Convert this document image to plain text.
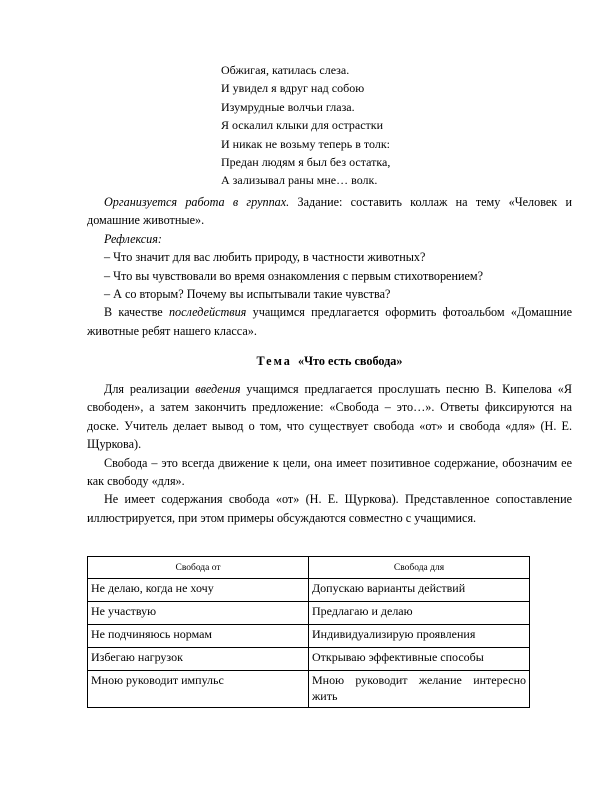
Обжигая, катилась слеза.
И увидел я вдруг над собою
Изумрудные волчьи глаза.
Я оскалил клыки для острастки
И никак не возьму теперь в толк:
Предан людям я был без остатка,
А зализывал раны мне… волк.

Организуется работа в группах. Задание: составить коллаж на тему «Человек и домашние животные».

Рефлексия:

– Что значит для вас любить природу, в частности животных?

– Что вы чувствовали во время ознакомления с первым стихотворением?

– А со вторым? Почему вы испытывали такие чувства?

В качестве последействия учащимся предлагается оформить фотоальбом «Домашние животные ребят нашего класса».

Тема «Что есть свобода»

Для реализации введения учащимся предлагается прослушать песню В. Кипелова «Я свободен», а затем закончить предложение: «Свобода – это…». Ответы фиксируются на доске. Учитель делает вывод о том, что существует свобода «от» и свобода «для» (Н. Е. Щуркова).

Свобода – это всегда движение к цели, она имеет позитивное содержание, обозначим ее как свободу «для».

Не имеет содержания свобода «от» (Н. Е. Щуркова). Представленное сопоставление иллюстрируется, при этом примеры обсуждаются совместно с учащимися.

Свобода от	Свобода для
Не делаю, когда не хочу	Допускаю варианты действий
Не участвую	Предлагаю и делаю
Не подчиняюсь нормам	Индивидуализирую проявления
Избегаю нагрузок	Открываю эффективные способы
Мною руководит импульс	Мною руководит желание интересно жить
